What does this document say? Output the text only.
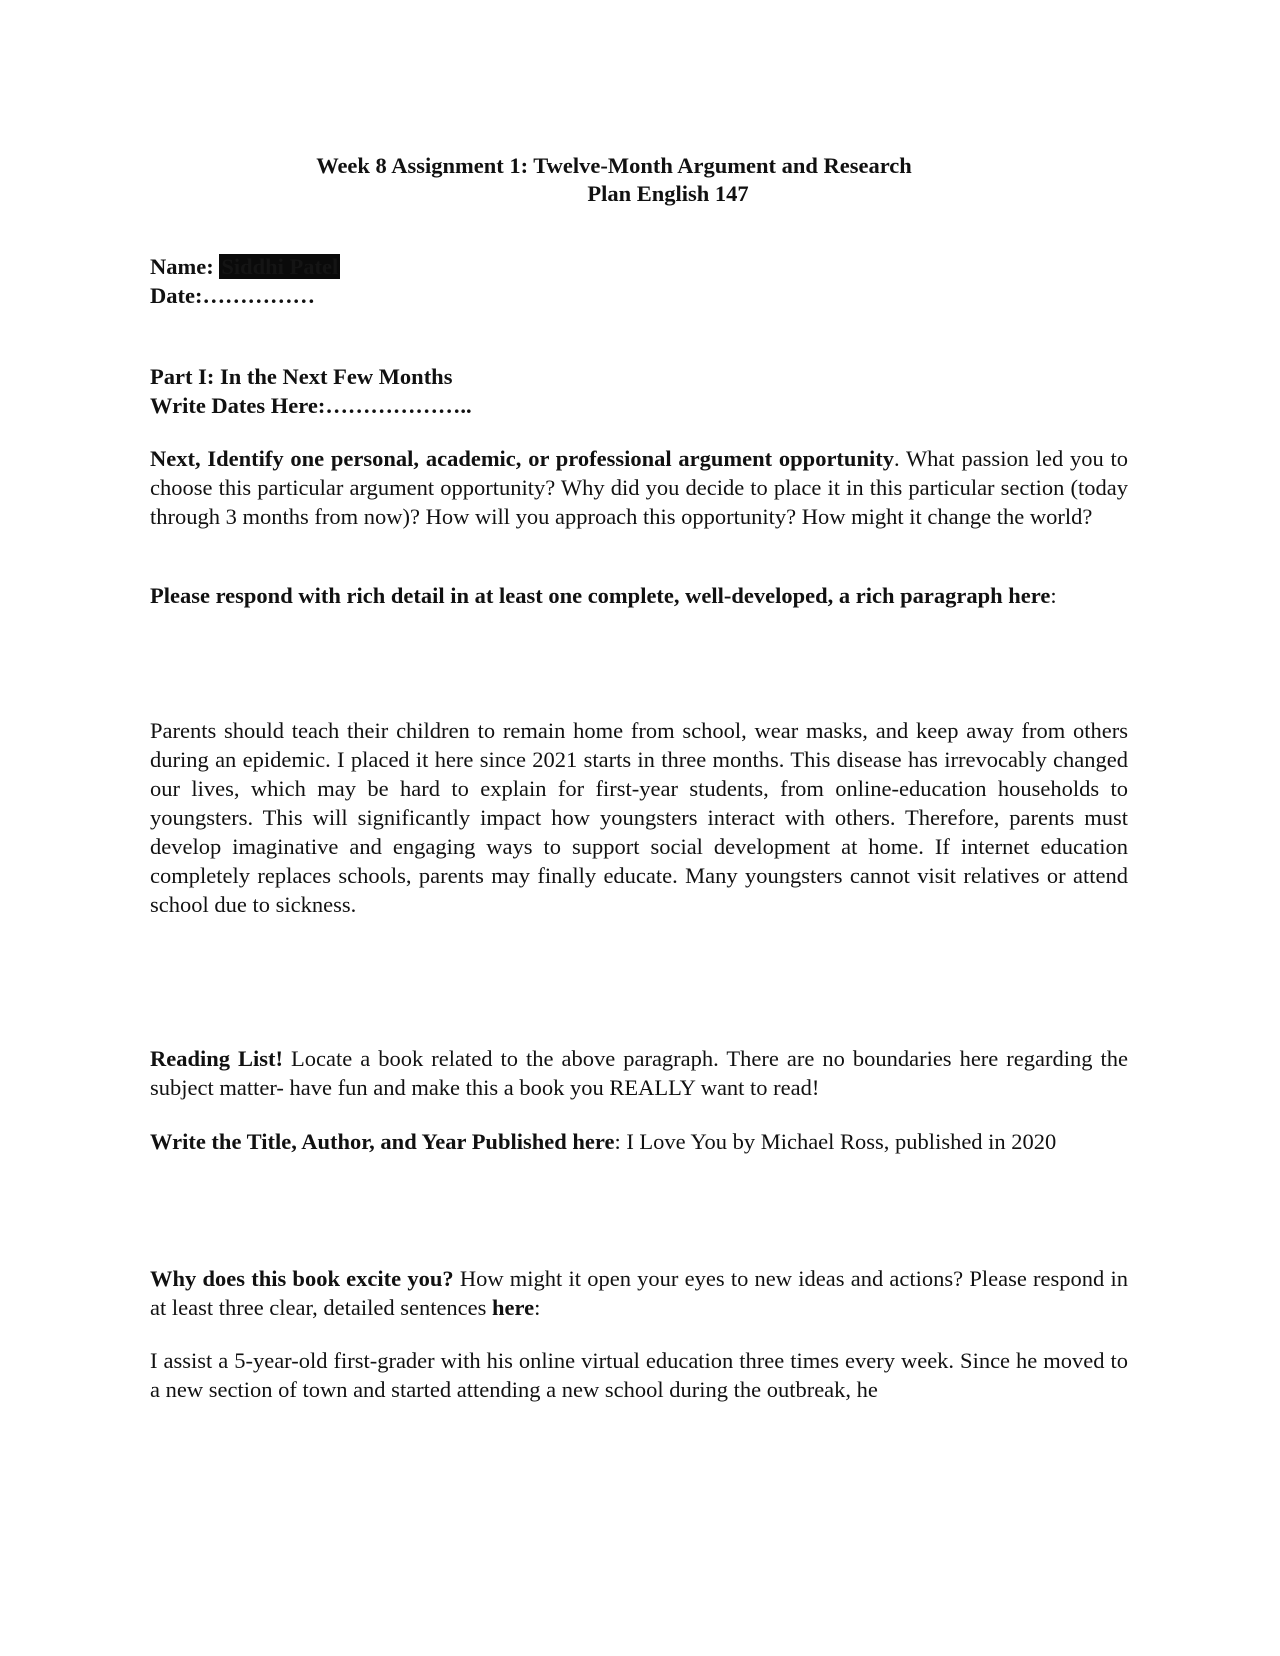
Week 8 Assignment 1: Twelve-Month Argument and Research
Plan English 147
Name: Siddhi Patel
Date:……………
Part I: In the Next Few Months
Write Dates Here:………………..
Next, Identify one personal, academic, or professional argument opportunity. What passion led you to choose this particular argument opportunity? Why did you decide to place it in this particular section (today through 3 months from now)? How will you approach this opportunity? How might it change the world?
Please respond with rich detail in at least one complete, well-developed, a rich paragraph here:
Parents should teach their children to remain home from school, wear masks, and keep away from others during an epidemic. I placed it here since 2021 starts in three months. This disease has irrevocably changed our lives, which may be hard to explain for first-year students, from online-education households to youngsters. This will significantly impact how youngsters interact with others. Therefore, parents must develop imaginative and engaging ways to support social development at home. If internet education completely replaces schools, parents may finally educate. Many youngsters cannot visit relatives or attend school due to sickness.
Reading List! Locate a book related to the above paragraph. There are no boundaries here regarding the subject matter- have fun and make this a book you REALLY want to read!
Write the Title, Author, and Year Published here: I Love You by Michael Ross, published in 2020
Why does this book excite you? How might it open your eyes to new ideas and actions? Please respond in at least three clear, detailed sentences here:
I assist a 5-year-old first-grader with his online virtual education three times every week. Since he moved to a new section of town and started attending a new school during the outbreak, he
